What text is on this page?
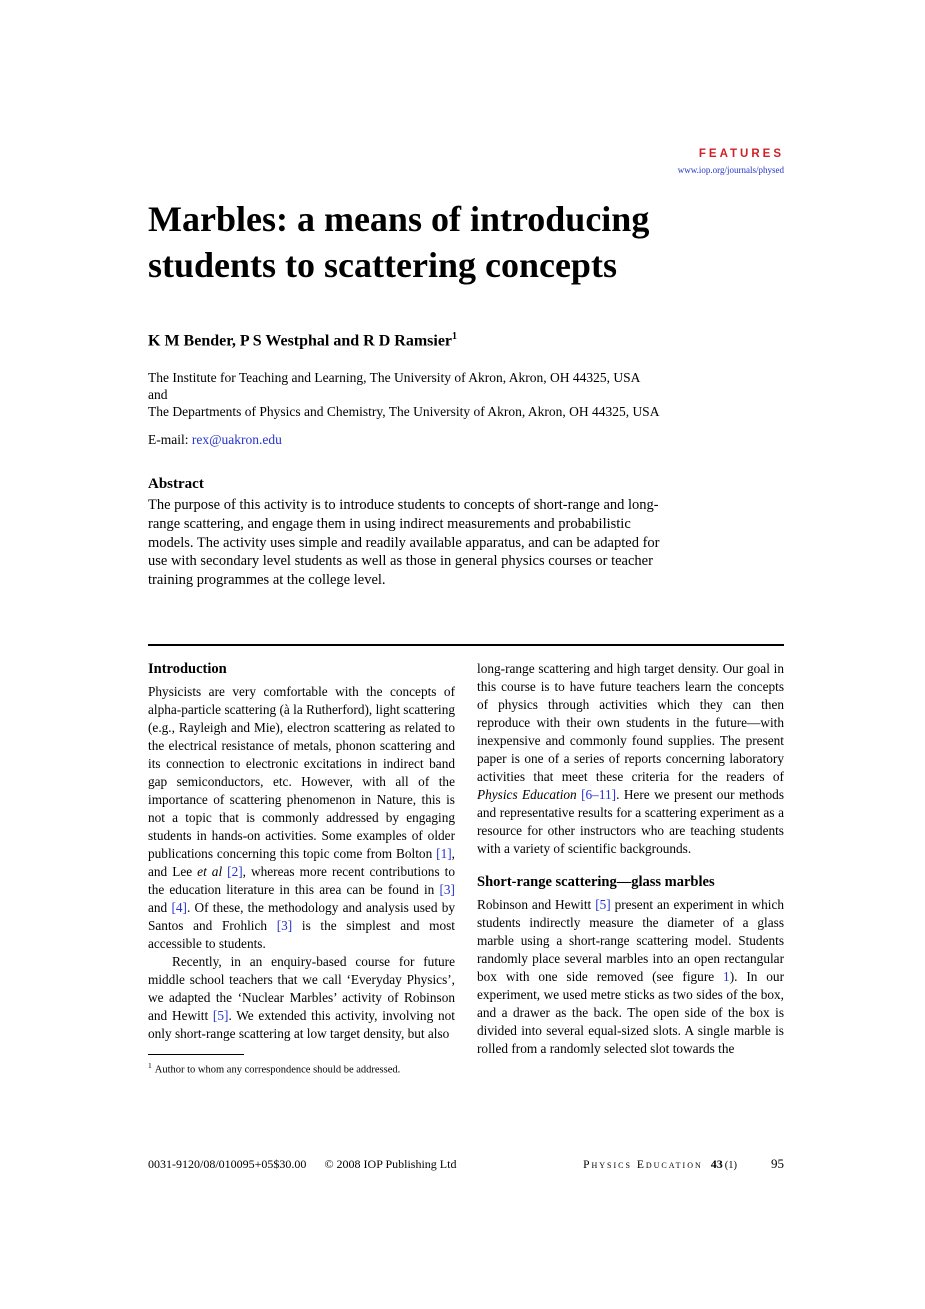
FEATURES
www.iop.org/journals/physed
Marbles: a means of introducing students to scattering concepts
K M Bender, P S Westphal and R D Ramsier$^1$
The Institute for Teaching and Learning, The University of Akron, Akron, OH 44325, USA
and
The Departments of Physics and Chemistry, The University of Akron, Akron, OH 44325, USA
E-mail: rex@uakron.edu
Abstract

The purpose of this activity is to introduce students to concepts of short-range and long-range scattering, and engage them in using indirect measurements and probabilistic models. The activity uses simple and readily available apparatus, and can be adapted for use with secondary level students as well as those in general physics courses or teacher training programmes at the college level.

Introduction

Physicists are very comfortable with the concepts of alpha-particle scattering (à la Rutherford), light scattering (e.g., Rayleigh and Mie), electron scattering as related to the electrical resistance of metals, phonon scattering and its connection to electronic excitations in indirect band gap semiconductors, etc. However, with all of the importance of scattering phenomenon in Nature, this is not a topic that is commonly addressed by engaging students in hands-on activities. Some examples of older publications concerning this topic come from Bolton [1], and Lee et al [2], whereas more recent contributions to the education literature in this area can be found in [3] and [4]. Of these, the methodology and analysis used by Santos and Frohlich [3] is the simplest and most accessible to students.

Recently, in an enquiry-based course for future middle school teachers that we call ‘Everyday Physics’, we adapted the ‘Nuclear Marbles’ activity of Robinson and Hewitt [5]. We extended this activity, involving not only short-range scattering at low target density, but also

$^1$ Author to whom any correspondence should be addressed.

long-range scattering and high target density. Our goal in this course is to have future teachers learn the concepts of physics through activities which they can then reproduce with their own students in the future—with inexpensive and commonly found supplies. The present paper is one of a series of reports concerning laboratory activities that meet these criteria for the readers of Physics Education [6–11]. Here we present our methods and representative results for a scattering experiment as a resource for other instructors who are teaching students with a variety of scientific backgrounds.

Short-range scattering—glass marbles

Robinson and Hewitt [5] present an experiment in which students indirectly measure the diameter of a glass marble using a short-range scattering model. Students randomly place several marbles into an open rectangular box with one side removed (see figure 1). In our experiment, we used metre sticks as two sides of the box, and a drawer as the back. The open side of the box is divided into several equal-sized slots. A single marble is rolled from a randomly selected slot towards the

0031-9120/08/010095+05$30.00 © 2008 IOP Publishing Ltd	Physics Education 43 (1)	95
